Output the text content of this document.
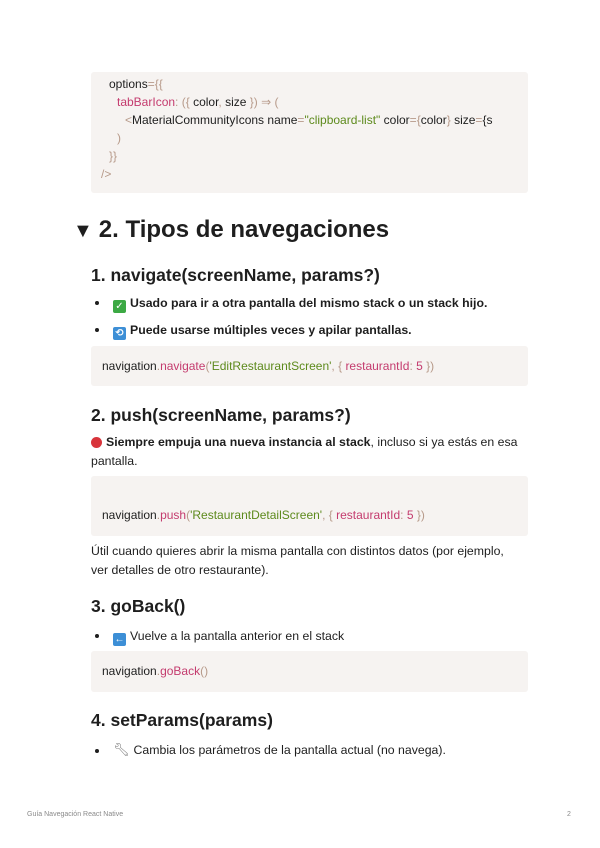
options={{
tabBarIcon: ({ color, size }) ⇒ (
<MaterialCommunityIcons name="clipboard-list" color={color} size={s
)
}}
/>
▼ 2. Tipos de navegaciones
1. navigate(screenName, params?)
✓ Usado para ir a otra pantalla del mismo stack o un stack hijo.
⟲ Puede usarse múltiples veces y apilar pantallas.
navigation.navigate('EditRestaurantScreen', { restaurantId: 5 })
2. push(screenName, params?)
Siempre empuja una nueva instancia al stack, incluso si ya estás en esa
pantalla.
navigation.push('RestaurantDetailScreen', { restaurantId: 5 })
Útil cuando quieres abrir la misma pantalla con distintos datos (por ejemplo,
ver detalles de otro restaurante).
3. goBack()
← Vuelve a la pantalla anterior en el stack
navigation.goBack()
4. setParams(params)
🔧︎ Cambia los parámetros de la pantalla actual (no navega).
Guía Navegación React Native	2
